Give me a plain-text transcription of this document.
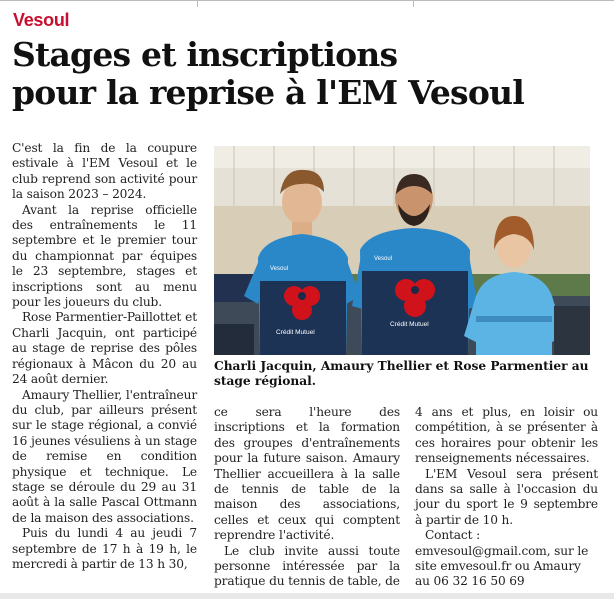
Vesoul
Stages et inscriptions
pour la reprise à l'EM Vesoul

C'est la fin de la coupure estivale à l'EM Vesoul et le club reprend son activité pour la saison 2023 – 2024.

Avant la reprise officielle des entraînements le 11 septembre et le premier tour du championnat par équipes le 23 septembre, stages et inscriptions sont au menu pour les joueurs du club.

Rose Parmentier-Paillottet et Charli Jacquin, ont participé au stage de reprise des pôles régionaux à Mâcon du 20 au 24 août dernier.

Amaury Thellier, l'entraîneur du club, par ailleurs présent sur le stage régional, a convié 16 jeunes vésuliens à un stage de remise en condition physique et technique. Le stage se déroule du 29 au 31 août à la salle Pascal Ottmann de la maison des associations.

Puis du lundi 4 au jeudi 7 septembre de 17 h à 19 h, le mercredi à partir de 13 h 30,

Crédit Mutuel
Vesoul
Crédit Mutuel
Vesoul
Charli Jacquin, Amaury Thellier et Rose Parmentier au stage régional.

ce sera l'heure des inscriptions et la formation des groupes d'entraînements pour la future saison. Amaury Thellier accueillera à la salle de tennis de table de la maison des associations, celles et ceux qui comptent reprendre l'activité.

Le club invite aussi toute personne intéressée par la pratique du tennis de table, de

4 ans et plus, en loisir ou compétition, à se présenter à ces horaires pour obtenir les renseignements nécessaires.

L'EM Vesoul sera présent dans sa salle à l'occasion du jour du sport le 9 septembre à partir de 10 h.

Contact : emvesoul@gmail.com, sur le site emvesoul.fr ou Amaury au 06 32 16 50 69
